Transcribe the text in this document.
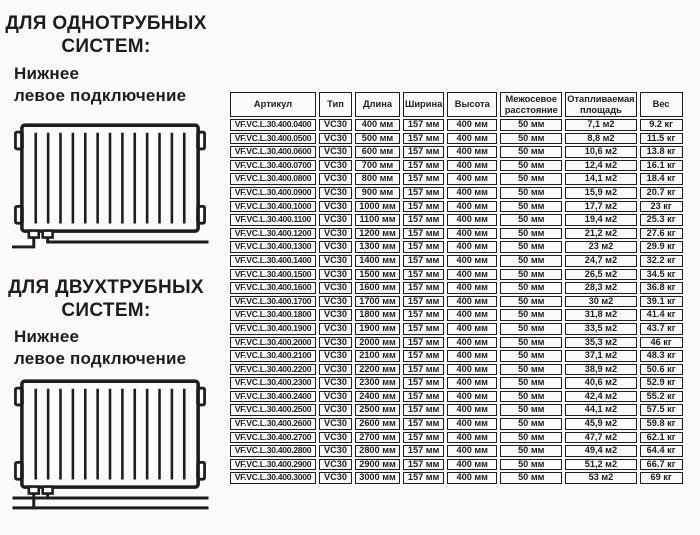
ДЛЯ ОДНОТРУБНЫХ
СИСТЕМ:
Нижнее
левое подключение
ДЛЯ ДВУХТРУБНЫХ
СИСТЕМ:
Нижнее
левое подключение
Артикул	Тип	Длина	Ширина	Высота	Межосевое расстояние	Отапливаемая площадь	Вес
VF.VC.L.30.400.0400	VC30	400 мм	157 мм	400 мм	50 мм	7,1 м2	9.2 кг
VF.VC.L.30.400.0500	VC30	500 мм	157 мм	400 мм	50 мм	8,8 м2	11.5 кг
VF.VC.L.30.400.0600	VC30	600 мм	157 мм	400 мм	50 мм	10,6 м2	13.8 кг
VF.VC.L.30.400.0700	VC30	700 мм	157 мм	400 мм	50 мм	12,4 м2	16.1 кг
VF.VC.L.30.400.0800	VC30	800 мм	157 мм	400 мм	50 мм	14,1 м2	18.4 кг
VF.VC.L.30.400.0900	VC30	900 мм	157 мм	400 мм	50 мм	15,9 м2	20.7 кг
VF.VC.L.30.400.1000	VC30	1000 мм	157 мм	400 мм	50 мм	17,7 м2	23 кг
VF.VC.L.30.400.1100	VC30	1100 мм	157 мм	400 мм	50 мм	19,4 м2	25.3 кг
VF.VC.L.30.400.1200	VC30	1200 мм	157 мм	400 мм	50 мм	21,2 м2	27.6 кг
VF.VC.L.30.400.1300	VC30	1300 мм	157 мм	400 мм	50 мм	23 м2	29.9 кг
VF.VC.L.30.400.1400	VC30	1400 мм	157 мм	400 мм	50 мм	24,7 м2	32.2 кг
VF.VC.L.30.400.1500	VC30	1500 мм	157 мм	400 мм	50 мм	26,5 м2	34.5 кг
VF.VC.L.30.400.1600	VC30	1600 мм	157 мм	400 мм	50 мм	28,3 м2	36.8 кг
VF.VC.L.30.400.1700	VC30	1700 мм	157 мм	400 мм	50 мм	30 м2	39.1 кг
VF.VC.L.30.400.1800	VC30	1800 мм	157 мм	400 мм	50 мм	31,8 м2	41.4 кг
VF.VC.L.30.400.1900	VC30	1900 мм	157 мм	400 мм	50 мм	33,5 м2	43.7 кг
VF.VC.L.30.400.2000	VC30	2000 мм	157 мм	400 мм	50 мм	35,3 м2	46 кг
VF.VC.L.30.400.2100	VC30	2100 мм	157 мм	400 мм	50 мм	37,1 м2	48.3 кг
VF.VC.L.30.400.2200	VC30	2200 мм	157 мм	400 мм	50 мм	38,9 м2	50.6 кг
VF.VC.L.30.400.2300	VC30	2300 мм	157 мм	400 мм	50 мм	40,6 м2	52.9 кг
VF.VC.L.30.400.2400	VC30	2400 мм	157 мм	400 мм	50 мм	42,4 м2	55.2 кг
VF.VC.L.30.400.2500	VC30	2500 мм	157 мм	400 мм	50 мм	44,1 м2	57.5 кг
VF.VC.L.30.400.2600	VC30	2600 мм	157 мм	400 мм	50 мм	45,9 м2	59.8 кг
VF.VC.L.30.400.2700	VC30	2700 мм	157 мм	400 мм	50 мм	47,7 м2	62.1 кг
VF.VC.L.30.400.2800	VC30	2800 мм	157 мм	400 мм	50 мм	49,4 м2	64.4 кг
VF.VC.L.30.400.2900	VC30	2900 мм	157 мм	400 мм	50 мм	51,2 м2	66.7 кг
VF.VC.L.30.400.3000	VC30	3000 мм	157 мм	400 мм	50 мм	53 м2	69 кг
